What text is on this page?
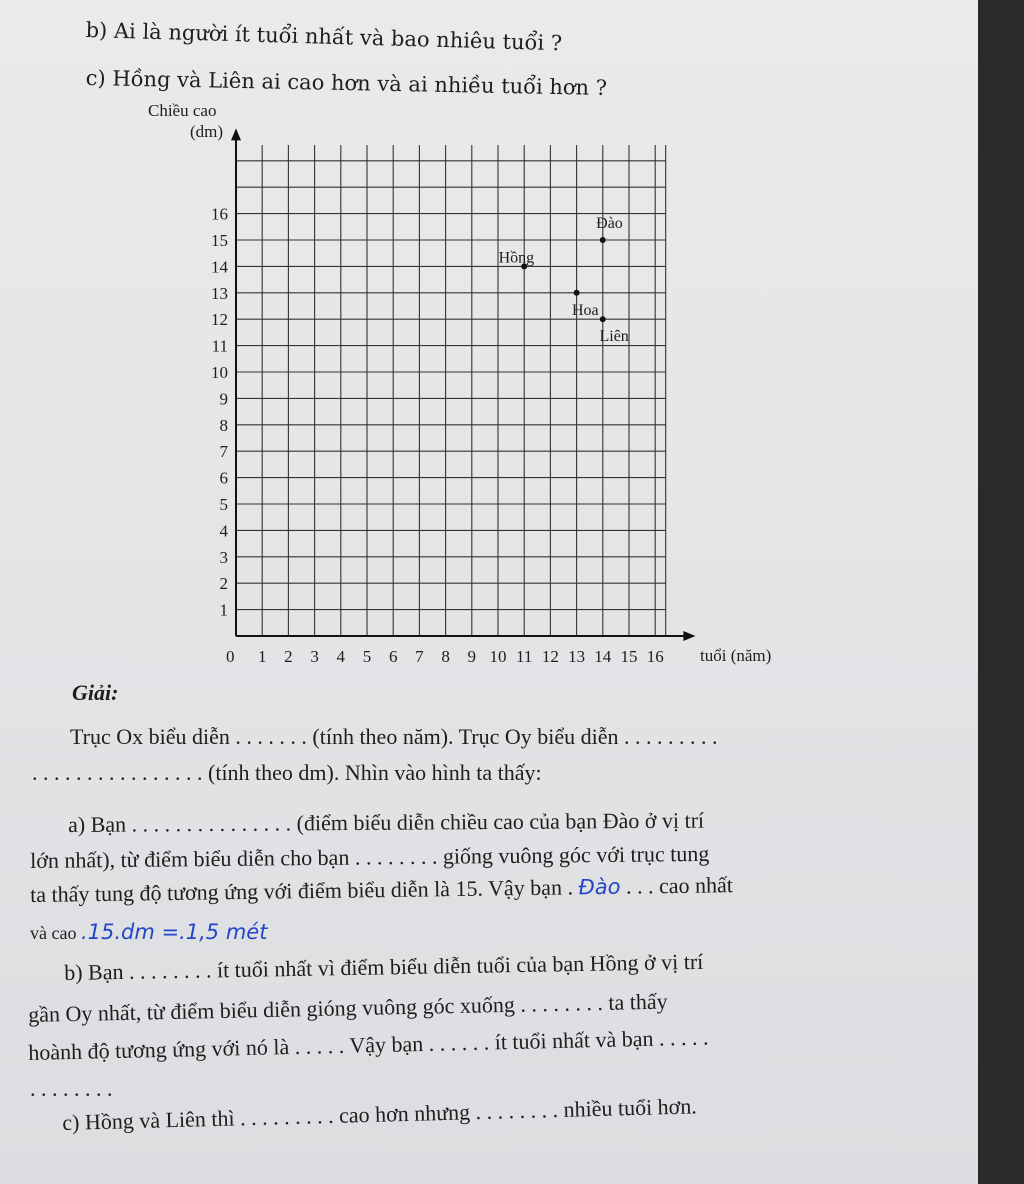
b) Ai là người ít tuổi nhất và bao nhiêu tuổi ?
c) Hồng và Liên ai cao hơn và ai nhiều tuổi hơn ?
1 2 3 4 5 6 7 8 9 10 11 12 13 14 15 16
1
2
3
4
5
6
7
8
9
10
11
12
13
14
15
16
Hồng
Hoa
Đào
Liên
Chiều cao
(dm)
tuổi (năm)
0
Giải:
Trục Ox biểu diễn . . . . . . . (tính theo năm). Trục Oy biểu diễn . . . . . . . . .
. . . . . . . . . . . . . . . . (tính theo dm). Nhìn vào hình ta thấy:
a) Bạn . . . . . . . . . . . . . . . (điểm biểu diễn chiều cao của bạn Đào ở vị trí
lớn nhất), từ điểm biểu diễn cho bạn . . . . . . . . giống vuông góc với trục tung
ta thấy tung độ tương ứng với điểm biểu diễn là 15. Vậy bạn . Đào . . . cao nhất
và cao .15.dm =.1,5 mét
b) Bạn . . . . . . . . ít tuổi nhất vì điểm biểu diễn tuổi của bạn Hồng ở vị trí
gần Oy nhất, từ điểm biểu diễn gióng vuông góc xuống . . . . . . . . ta thấy
hoành độ tương ứng với nó là . . . . . Vậy bạn . . . . . . ít tuổi nhất và bạn . . . . .
. . . . . . . .
c) Hồng và Liên thì . . . . . . . . . cao hơn nhưng . . . . . . . . nhiều tuổi hơn.
